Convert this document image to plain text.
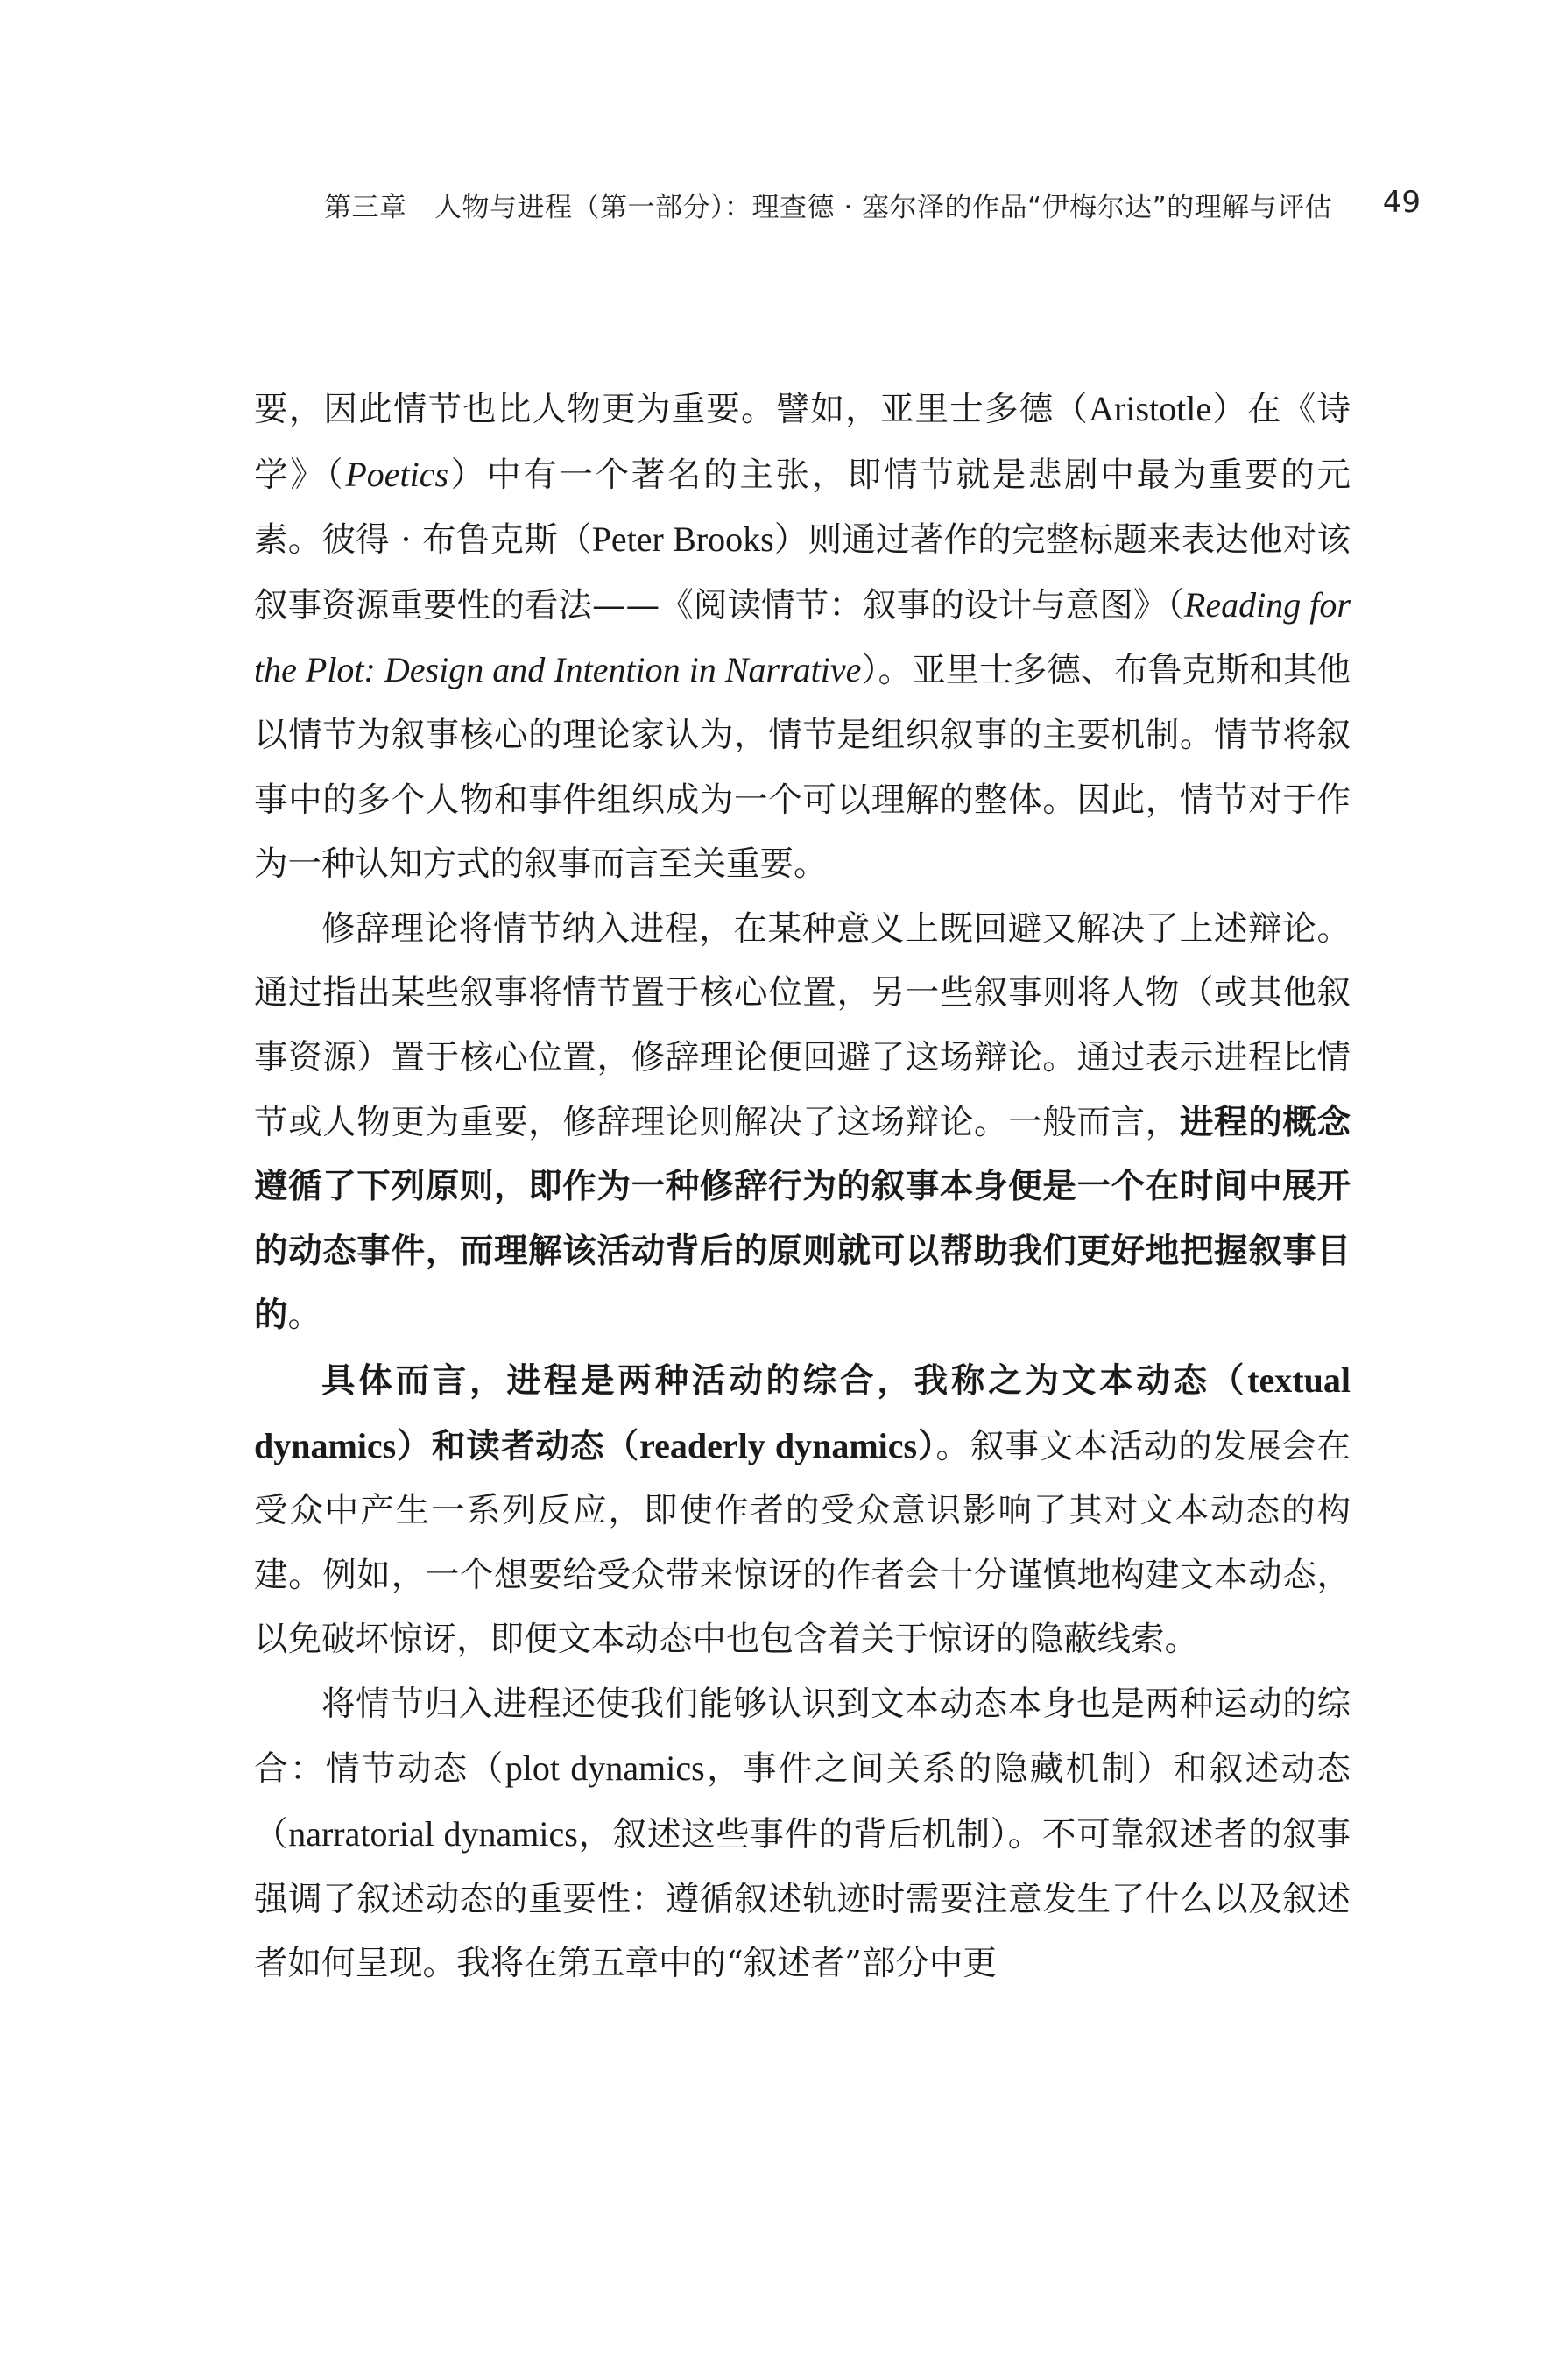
第三章　人物与进程（第一部分）：理查德 · 塞尔泽的作品“伊梅尔达”的理解与评估 49

要，因此情节也比人物更为重要。譬如，亚里士多德（Aristotle）在《诗学》（Poetics）中有一个著名的主张，即情节就是悲剧中最为重要的元素。彼得 · 布鲁克斯（Peter Brooks）则通过著作的完整标题来表达他对该叙事资源重要性的看法——《阅读情节：叙事的设计与意图》（Reading for the Plot: Design and Intention in Narrative）。亚里士多德、布鲁克斯和其他以情节为叙事核心的理论家认为，情节是组织叙事的主要机制。情节将叙事中的多个人物和事件组织成为一个可以理解的整体。因此，情节对于作为一种认知方式的叙事而言至关重要。

修辞理论将情节纳入进程，在某种意义上既回避又解决了上述辩论。通过指出某些叙事将情节置于核心位置，另一些叙事则将人物（或其他叙事资源）置于核心位置，修辞理论便回避了这场辩论。通过表示进程比情节或人物更为重要，修辞理论则解决了这场辩论。一般而言，进程的概念遵循了下列原则，即作为一种修辞行为的叙事本身便是一个在时间中展开的动态事件，而理解该活动背后的原则就可以帮助我们更好地把握叙事目的。

具体而言，进程是两种活动的综合，我称之为文本动态（textual dynamics）和读者动态（readerly dynamics）。叙事文本活动的发展会在受众中产生一系列反应，即使作者的受众意识影响了其对文本动态的构建。例如，一个想要给受众带来惊讶的作者会十分谨慎地构建文本动态，以免破坏惊讶，即便文本动态中也包含着关于惊讶的隐蔽线索。

将情节归入进程还使我们能够认识到文本动态本身也是两种运动的综合：情节动态（plot dynamics，事件之间关系的隐藏机制）和叙述动态（narratorial dynamics，叙述这些事件的背后机制）。不可靠叙述者的叙事强调了叙述动态的重要性：遵循叙述轨迹时需要注意发生了什么以及叙述者如何呈现。我将在第五章中的“叙述者”部分中更
